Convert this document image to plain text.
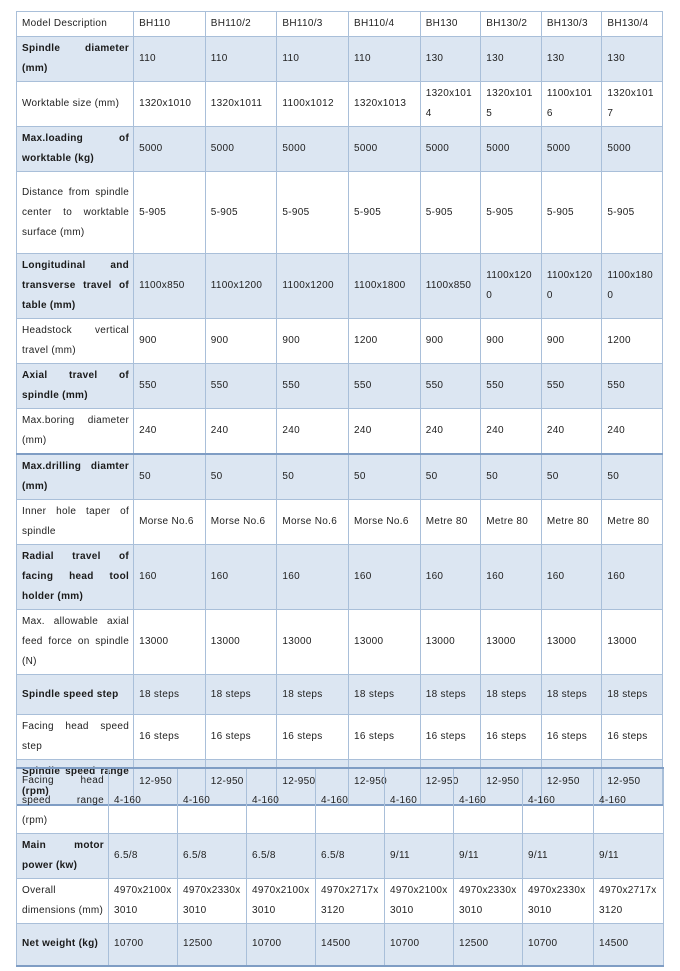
Model Description	BH110	BH110/2	BH110/3	BH110/4	BH130	BH130/2	BH130/3	BH130/4
Spindle diameter (mm)	110	110	110	110	130	130	130	130
Worktable size (mm)	1320x1010	1320x1011	1100x1012	1320x1013	1320x1014	1320x1015	1100x1016	1320x1017
Max.loading of worktable (kg)	5000	5000	5000	5000	5000	5000	5000	5000
Distance from spindle center to worktable surface (mm)	5-905	5-905	5-905	5-905	5-905	5-905	5-905	5-905
Longitudinal and transverse travel of table (mm)	1100x850	1100x1200	1100x1200	1100x1800	1100x850	1100x1200	1100x1200	1100x1800
Headstock vertical travel (mm)	900	900	900	1200	900	900	900	1200
Axial travel of spindle (mm)	550	550	550	550	550	550	550	550
Max.boring diameter (mm)	240	240	240	240	240	240	240	240
Max.drilling diamter (mm)	50	50	50	50	50	50	50	50
Inner hole taper of spindle	Morse No.6	Morse No.6	Morse No.6	Morse No.6	Metre 80	Metre 80	Metre 80	Metre 80
Radial travel of facing head tool holder (mm)	160	160	160	160	160	160	160	160
Max. allowable axial feed force on spindle (N)	13000	13000	13000	13000	13000	13000	13000	13000
Spindle speed step	18 steps	18 steps	18 steps	18 steps	18 steps	18 steps	18 steps	18 steps
Facing head speed step	16 steps	16 steps	16 steps	16 steps	16 steps	16 steps	16 steps	16 steps
Spindle speed range (rpm)	12-950	12-950	12-950	12-950	12-950	12-950	12-950	12-950
Facing head speed range (rpm)	4-160	4-160	4-160	4-160	4-160	4-160	4-160	4-160
Main motor power (kw)	6.5/8	6.5/8	6.5/8	6.5/8	9/11	9/11	9/11	9/11
Overall dimensions (mm)	4970x2100x3010	4970x2330x3010	4970x2100x3010	4970x2717x3120	4970x2100x3010	4970x2330x3010	4970x2330x3010	4970x2717x3120
Net weight (kg)	10700	12500	10700	14500	10700	12500	10700	14500
